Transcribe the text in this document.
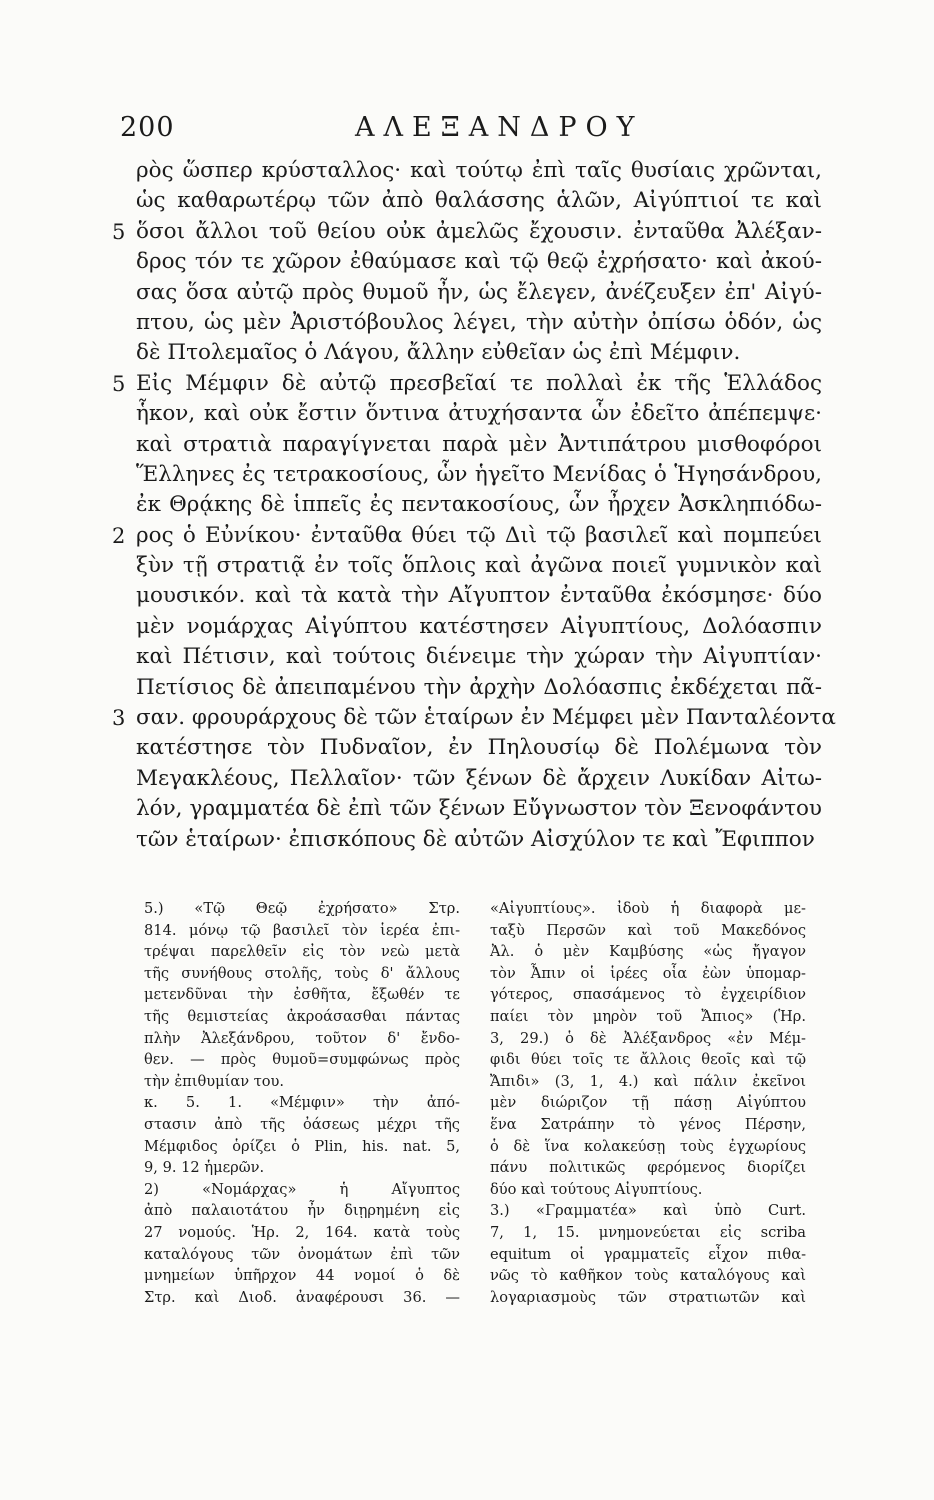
200	ΑΛΕΞΑΝΔΡΟΥ
ρὸς ὥσπερ κρύσταλλος· καὶ τούτῳ ἐπὶ ταῖς θυσίαις χρῶνται,
ὡς καθαρωτέρῳ τῶν ἀπὸ θαλάσσης ἁλῶν, Αἰγύπτιοί τε καὶ
5 ὅσοι ἄλλοι τοῦ θείου οὐκ ἀμελῶς ἔχουσιν. ἐνταῦθα Ἀλέξαν-
δρος τόν τε χῶρον ἐθαύμασε καὶ τῷ θεῷ ἐχρήσατο· καὶ ἀκού-
σας ὅσα αὐτῷ πρὸς θυμοῦ ἦν, ὡς ἔλεγεν, ἀνέζευξεν ἐπ' Αἰγύ-
πτου, ὡς μὲν Ἀριστόβουλος λέγει, τὴν αὐτὴν ὀπίσω ὁδόν, ὡς
δὲ Πτολεμαῖος ὁ Λάγου, ἄλλην εὐθεῖαν ὡς ἐπὶ Μέμφιν.
5 Εἰς Μέμφιν δὲ αὐτῷ πρεσβεῖαί τε πολλαὶ ἐκ τῆς Ἑλλάδος
ἧκον, καὶ οὐκ ἔστιν ὅντινα ἀτυχήσαντα ὧν ἐδεῖτο ἀπέπεμψε·
καὶ στρατιὰ παραγίγνεται παρὰ μὲν Ἀντιπάτρου μισθοφόροι
Ἕλληνες ἐς τετρακοσίους, ὧν ἡγεῖτο Μενίδας ὁ Ἡγησάνδρου,
ἐκ Θρᾴκης δὲ ἱππεῖς ἐς πεντακοσίους, ὧν ἦρχεν Ἀσκληπιόδω-
2 ρος ὁ Εὐνίκου· ἐνταῦθα θύει τῷ Διὶ τῷ βασιλεῖ καὶ πομπεύει
ξὺν τῇ στρατιᾷ ἐν τοῖς ὅπλοις καὶ ἀγῶνα ποιεῖ γυμνικὸν καὶ
μουσικόν. καὶ τὰ κατὰ τὴν Αἴγυπτον ἐνταῦθα ἐκόσμησε· δύο
μὲν νομάρχας Αἰγύπτου κατέστησεν Αἰγυπτίους, Δολόασπιν
καὶ Πέτισιν, καὶ τούτοις διένειμε τὴν χώραν τὴν Αἰγυπτίαν·
Πετίσιος δὲ ἀπειπαμένου τὴν ἀρχὴν Δολόασπις ἐκδέχεται πᾶ-
3 σαν. φρουράρχους δὲ τῶν ἑταίρων ἐν Μέμφει μὲν Πανταλέοντα
κατέστησε τὸν Πυδναῖον, ἐν Πηλουσίῳ δὲ Πολέμωνα τὸν
Μεγακλέους, Πελλαῖον· τῶν ξένων δὲ ἄρχειν Λυκίδαν Αἰτω-
λόν, γραμματέα δὲ ἐπὶ τῶν ξένων Εὔγνωστον τὸν Ξενοφάντου
τῶν ἑταίρων· ἐπισκόπους δὲ αὐτῶν Αἰσχύλον τε καὶ Ἔφιππον
5.) «Τῷ Θεῷ ἐχρήσατο» Στρ.
814. μόνῳ τῷ βασιλεῖ τὸν ἱερέα ἐπι-
τρέψαι παρελθεῖν εἰς τὸν νεὼ μετὰ
τῆς συνήθους στολῆς, τοὺς δ' ἄλλους
μετενδῦναι τὴν ἐσθῆτα, ἔξωθέν τε
τῆς θεμιστείας ἀκροάσασθαι πάντας
πλὴν Ἀλεξάνδρου, τοῦτον δ' ἔνδο-
θεν. — πρὸς θυμοῦ=συμφώνως πρὸς
τὴν ἐπιθυμίαν του.
κ. 5. 1. «Μέμφιν» τὴν ἀπό-
στασιν ἀπὸ τῆς ὀάσεως μέχρι τῆς
Μέμφιδος ὁρίζει ὁ Plin, his. nat. 5,
9, 9. 12 ἡμερῶν.
2) «Νομάρχας» ἡ Αἴγυπτος
ἀπὸ παλαιοτάτου ἦν διῃρημένη εἰς
27 νομούς. Ἡρ. 2, 164. κατὰ τοὺς
καταλόγους τῶν ὀνομάτων ἐπὶ τῶν
μνημείων ὑπῆρχον 44 νομοί ὁ δὲ
Στρ. καὶ Διοδ. ἀναφέρουσι 36. —
«Αἰγυπτίους». ἰδοὺ ἡ διαφορὰ με-
ταξὺ Περσῶν καὶ τοῦ Μακεδόνος
Ἀλ. ὁ μὲν Καμβύσης «ὡς ἤγαγον
τὸν Ἆπιν οἱ ἱρέες οἷα ἐὼν ὑπομαρ-
γότερος, σπασάμενος τὸ ἐγχειρίδιον
παίει τὸν μηρὸν τοῦ Ἄπιος» (Ἡρ.
3, 29.) ὁ δὲ Ἀλέξανδρος «ἐν Μέμ-
φιδι θύει τοῖς τε ἄλλοις θεοῖς καὶ τῷ
Ἄπιδι» (3, 1, 4.) καὶ πάλιν ἐκεῖνοι
μὲν διώριζον τῇ πάσῃ Αἰγύπτου
ἕνα Σατράπην τὸ γένος Πέρσην,
ὁ δὲ ἵνα κολακεύσῃ τοὺς ἐγχωρίους
πάνυ πολιτικῶς φερόμενος διορίζει
δύο καὶ τούτους Αἰγυπτίους.
3.) «Γραμματέα» καὶ ὑπὸ Curt.
7, 1, 15. μνημονεύεται εἰς scriba
equitum οἱ γραμματεῖς εἶχον πιθα-
νῶς τὸ καθῆκον τοὺς καταλόγους καὶ
λογαριασμοὺς τῶν στρατιωτῶν καὶ
